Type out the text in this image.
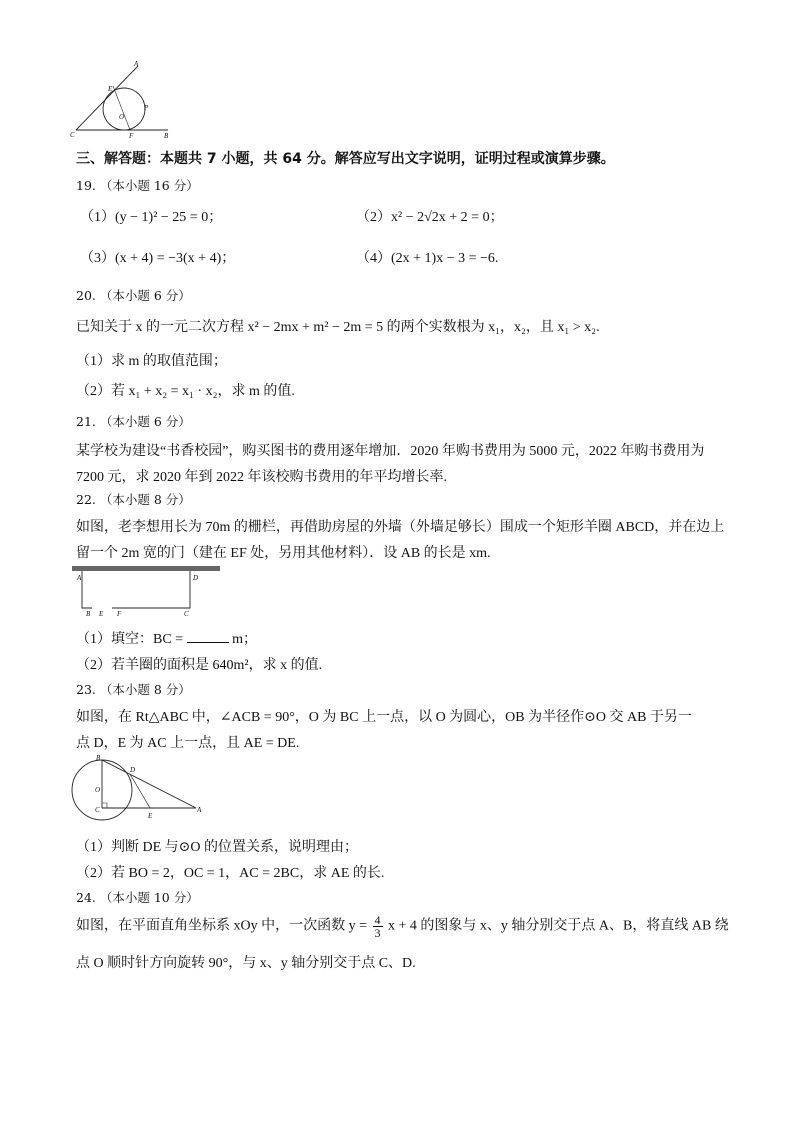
A
E
P
O
C	F	B
三、解答题：本题共 7 小题，共 64 分。解答应写出文字说明，证明过程或演算步骤。
19. （本小题 16 分）
（1）(y − 1)² − 25 = 0；	（2）x² − 2√2x + 2 = 0；
（3）(x + 4) = −3(x + 4)；	（4）(2x + 1)x − 3 = −6.
20. （本小题 6 分）
已知关于 x 的一元二次方程 x² − 2mx + m² − 2m = 5 的两个实数根为 x₁，x₂，且 x₁ > x₂.
（1）求 m 的取值范围；
（2）若 x₁ + x₂ = x₁ · x₂，求 m 的值.
21. （本小题 6 分）
某学校为建设“书香校园”，购买图书的费用逐年增加．2020 年购书费用为 5000 元，2022 年购书费用为
7200 元，求 2020 年到 2022 年该校购书费用的年平均增长率.
22. （本小题 8 分）
如图，老李想用长为 70m 的栅栏，再借助房屋的外墙（外墙足够长）围成一个矩形羊圈 ABCD，并在边上
留一个 2m 宽的门（建在 EF 处，另用其他材料）．设 AB 的长是 xm.
A	D
B E F	C
（1）填空：BC =	m；
（2）若羊圈的面积是 640m²，求 x 的值.
23. （本小题 8 分）
如图，在 Rt△ABC 中，∠ACB = 90°，O 为 BC 上一点，以 O 为圆心，OB 为半径作⊙O 交 AB 于另一
点 D，E 为 AC 上一点，且 AE = DE.
B
D
O
C
E
A
（1）判断 DE 与⊙O 的位置关系，说明理由；
（2）若 BO = 2，OC = 1，AC = 2BC，求 AE 的长.
24. （本小题 10 分）
如图，在平面直角坐标系 xOy 中，一次函数 $y = \frac{4}{3}$ x + 4 的图象与 x、y 轴分别交于点 A、B，将直线 AB 绕
点 O 顺时针方向旋转 90°，与 x、y 轴分别交于点 C、D.
